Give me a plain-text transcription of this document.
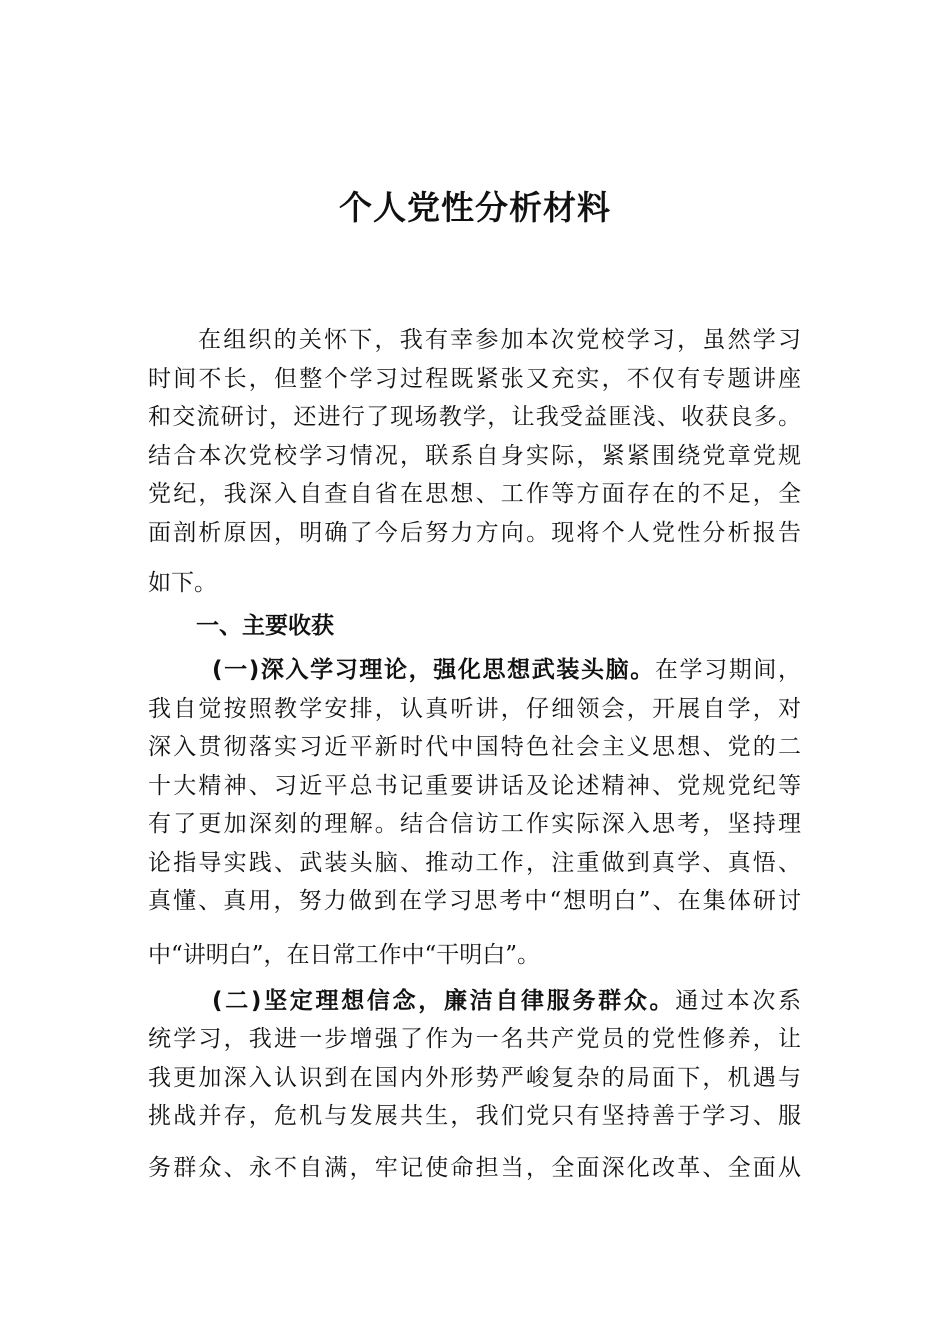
个人党性分析材料
在组织的关怀下，我有幸参加本次党校学习，虽然学习
时间不长，但整个学习过程既紧张又充实，不仅有专题讲座
和交流研讨，还进行了现场教学，让我受益匪浅、收获良多。
结合本次党校学习情况，联系自身实际，紧紧围绕党章党规
党纪，我深入自查自省在思想、工作等方面存在的不足，全
面剖析原因，明确了今后努力方向。现将个人党性分析报告
如下。
一、主要收获
(一)深入学习理论，强化思想武装头脑。在学习期间，
我自觉按照教学安排，认真听讲，仔细领会，开展自学，对
深入贯彻落实习近平新时代中国特色社会主义思想、党的二
十大精神、习近平总书记重要讲话及论述精神、党规党纪等
有了更加深刻的理解。结合信访工作实际深入思考，坚持理
论指导实践、武装头脑、推动工作，注重做到真学、真悟、
真懂、真用，努力做到在学习思考中“想明白”、在集体研讨
中“讲明白”，在日常工作中“干明白”。
(二)坚定理想信念，廉洁自律服务群众。通过本次系
统学习，我进一步增强了作为一名共产党员的党性修养，让
我更加深入认识到在国内外形势严峻复杂的局面下，机遇与
挑战并存，危机与发展共生，我们党只有坚持善于学习、服
务群众、永不自满，牢记使命担当，全面深化改革、全面从
